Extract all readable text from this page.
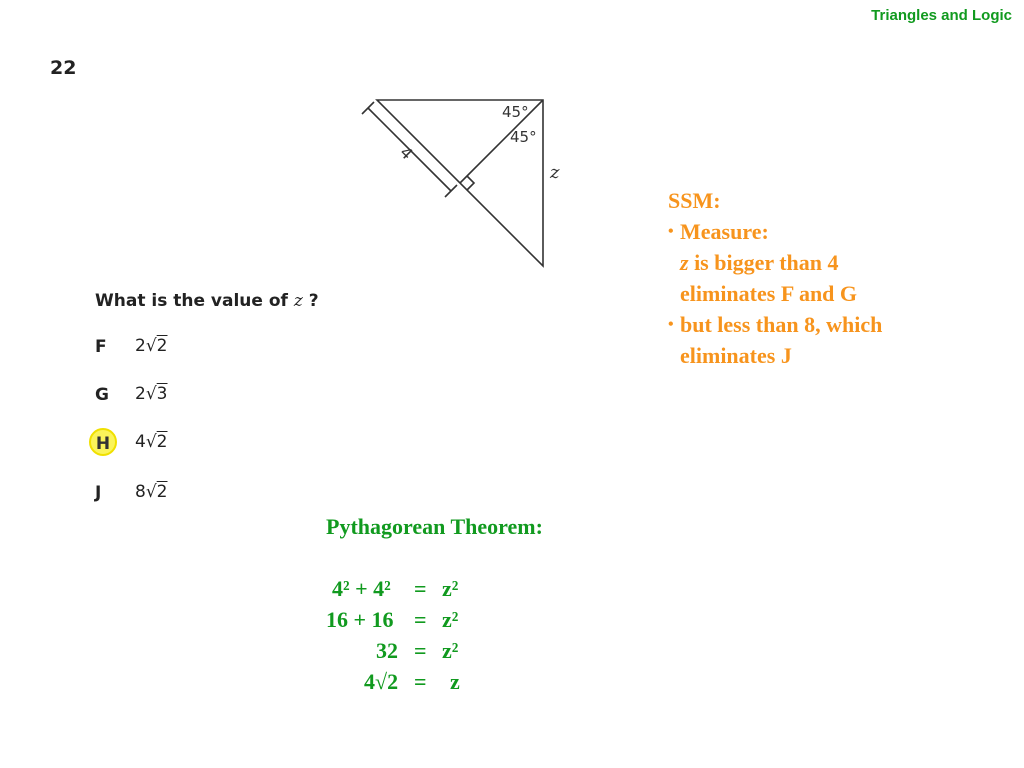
Triangles and Logic
22
45°
45°
4
z
What is the value of z ?
F	2√2
G	2√3
H	4√2
J	8√2
SSM:
• Measure:
z is bigger than 4
eliminates F and G
• but less than 8, which
eliminates J
Pythagorean Theorem:
4² + 4² = z²
16 + 16 = z²
32 = z²
4√2 = z
